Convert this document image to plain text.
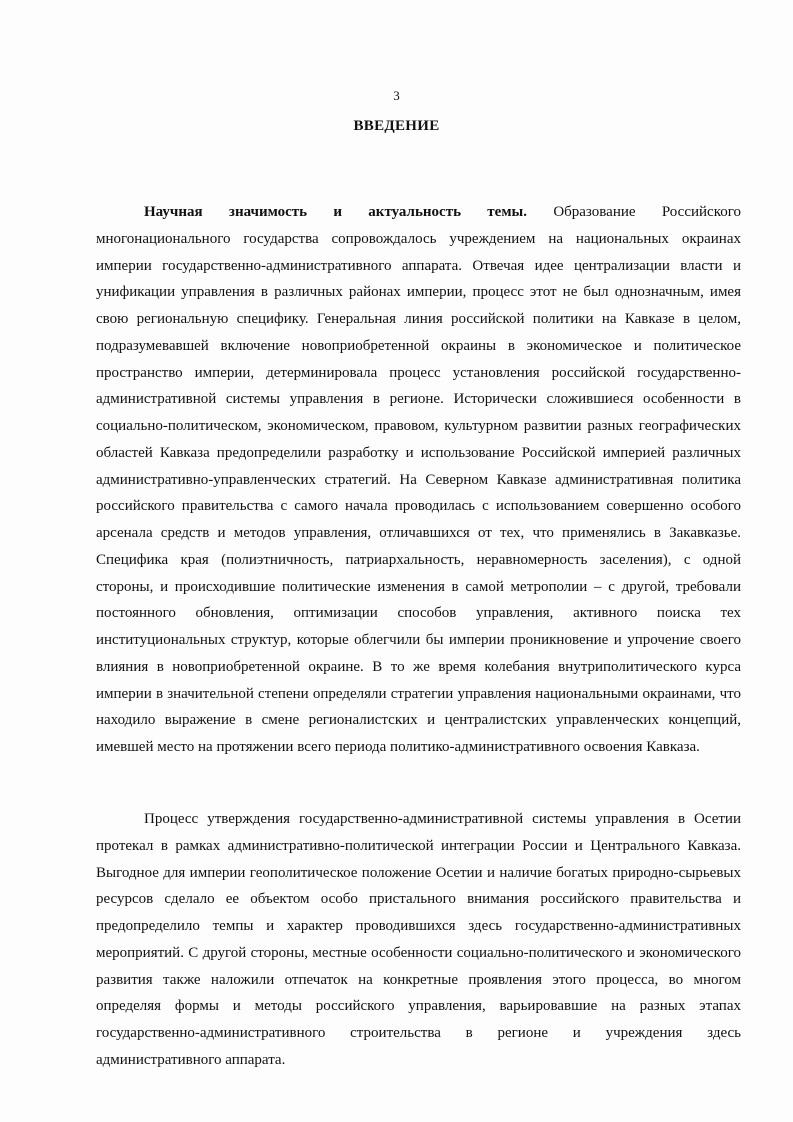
3
ВВЕДЕНИЕ

Научная значимость и актуальность темы. Образование Российского многонационального государства сопровождалось учреждением на национальных окраинах империи государственно-административного аппарата. Отвечая идее централизации власти и унификации управления в различных районах империи, процесс этот не был однозначным, имея свою региональную специфику. Генеральная линия российской политики на Кавказе в целом, подразумевавшей включение новоприобретенной окраины в экономическое и политическое пространство империи, детерминировала процесс установления российской государственно-административной системы управления в регионе. Исторически сложившиеся особенности в социально-политическом, экономическом, правовом, культурном развитии разных географических областей Кавказа предопределили разработку и использование Российской империей различных административно-управленческих стратегий. На Северном Кавказе административная политика российского правительства с самого начала проводилась с использованием совершенно особого арсенала средств и методов управления, отличавшихся от тех, что применялись в Закавказье. Специфика края (полиэтничность, патриархальность, неравномерность заселения), с одной стороны, и происходившие политические изменения в самой метрополии – с другой, требовали постоянного обновления, оптимизации способов управления, активного поиска тех институциональных структур, которые облегчили бы империи проникновение и упрочение своего влияния в новоприобретенной окраине. В то же время колебания внутриполитического курса империи в значительной степени определяли стратегии управления национальными окраинами, что находило выражение в смене регионалистских и централистских управленческих концепций, имевшей место на протяжении всего периода политико-административного освоения Кавказа.

Процесс утверждения государственно-административной системы управления в Осетии протекал в рамках административно-политической интеграции России и Центрального Кавказа. Выгодное для империи геополитическое положение Осетии и наличие богатых природно-сырьевых ресурсов сделало ее объектом особо пристального внимания российского правительства и предопределило темпы и характер проводившихся здесь государственно-административных мероприятий. С другой стороны, местные особенности социально-политического и экономического развития также наложили отпечаток на конкретные проявления этого процесса, во многом определяя формы и методы российского управления, варьировавшие на разных этапах государственно-административного строительства в регионе и учреждения здесь административного аппарата.
